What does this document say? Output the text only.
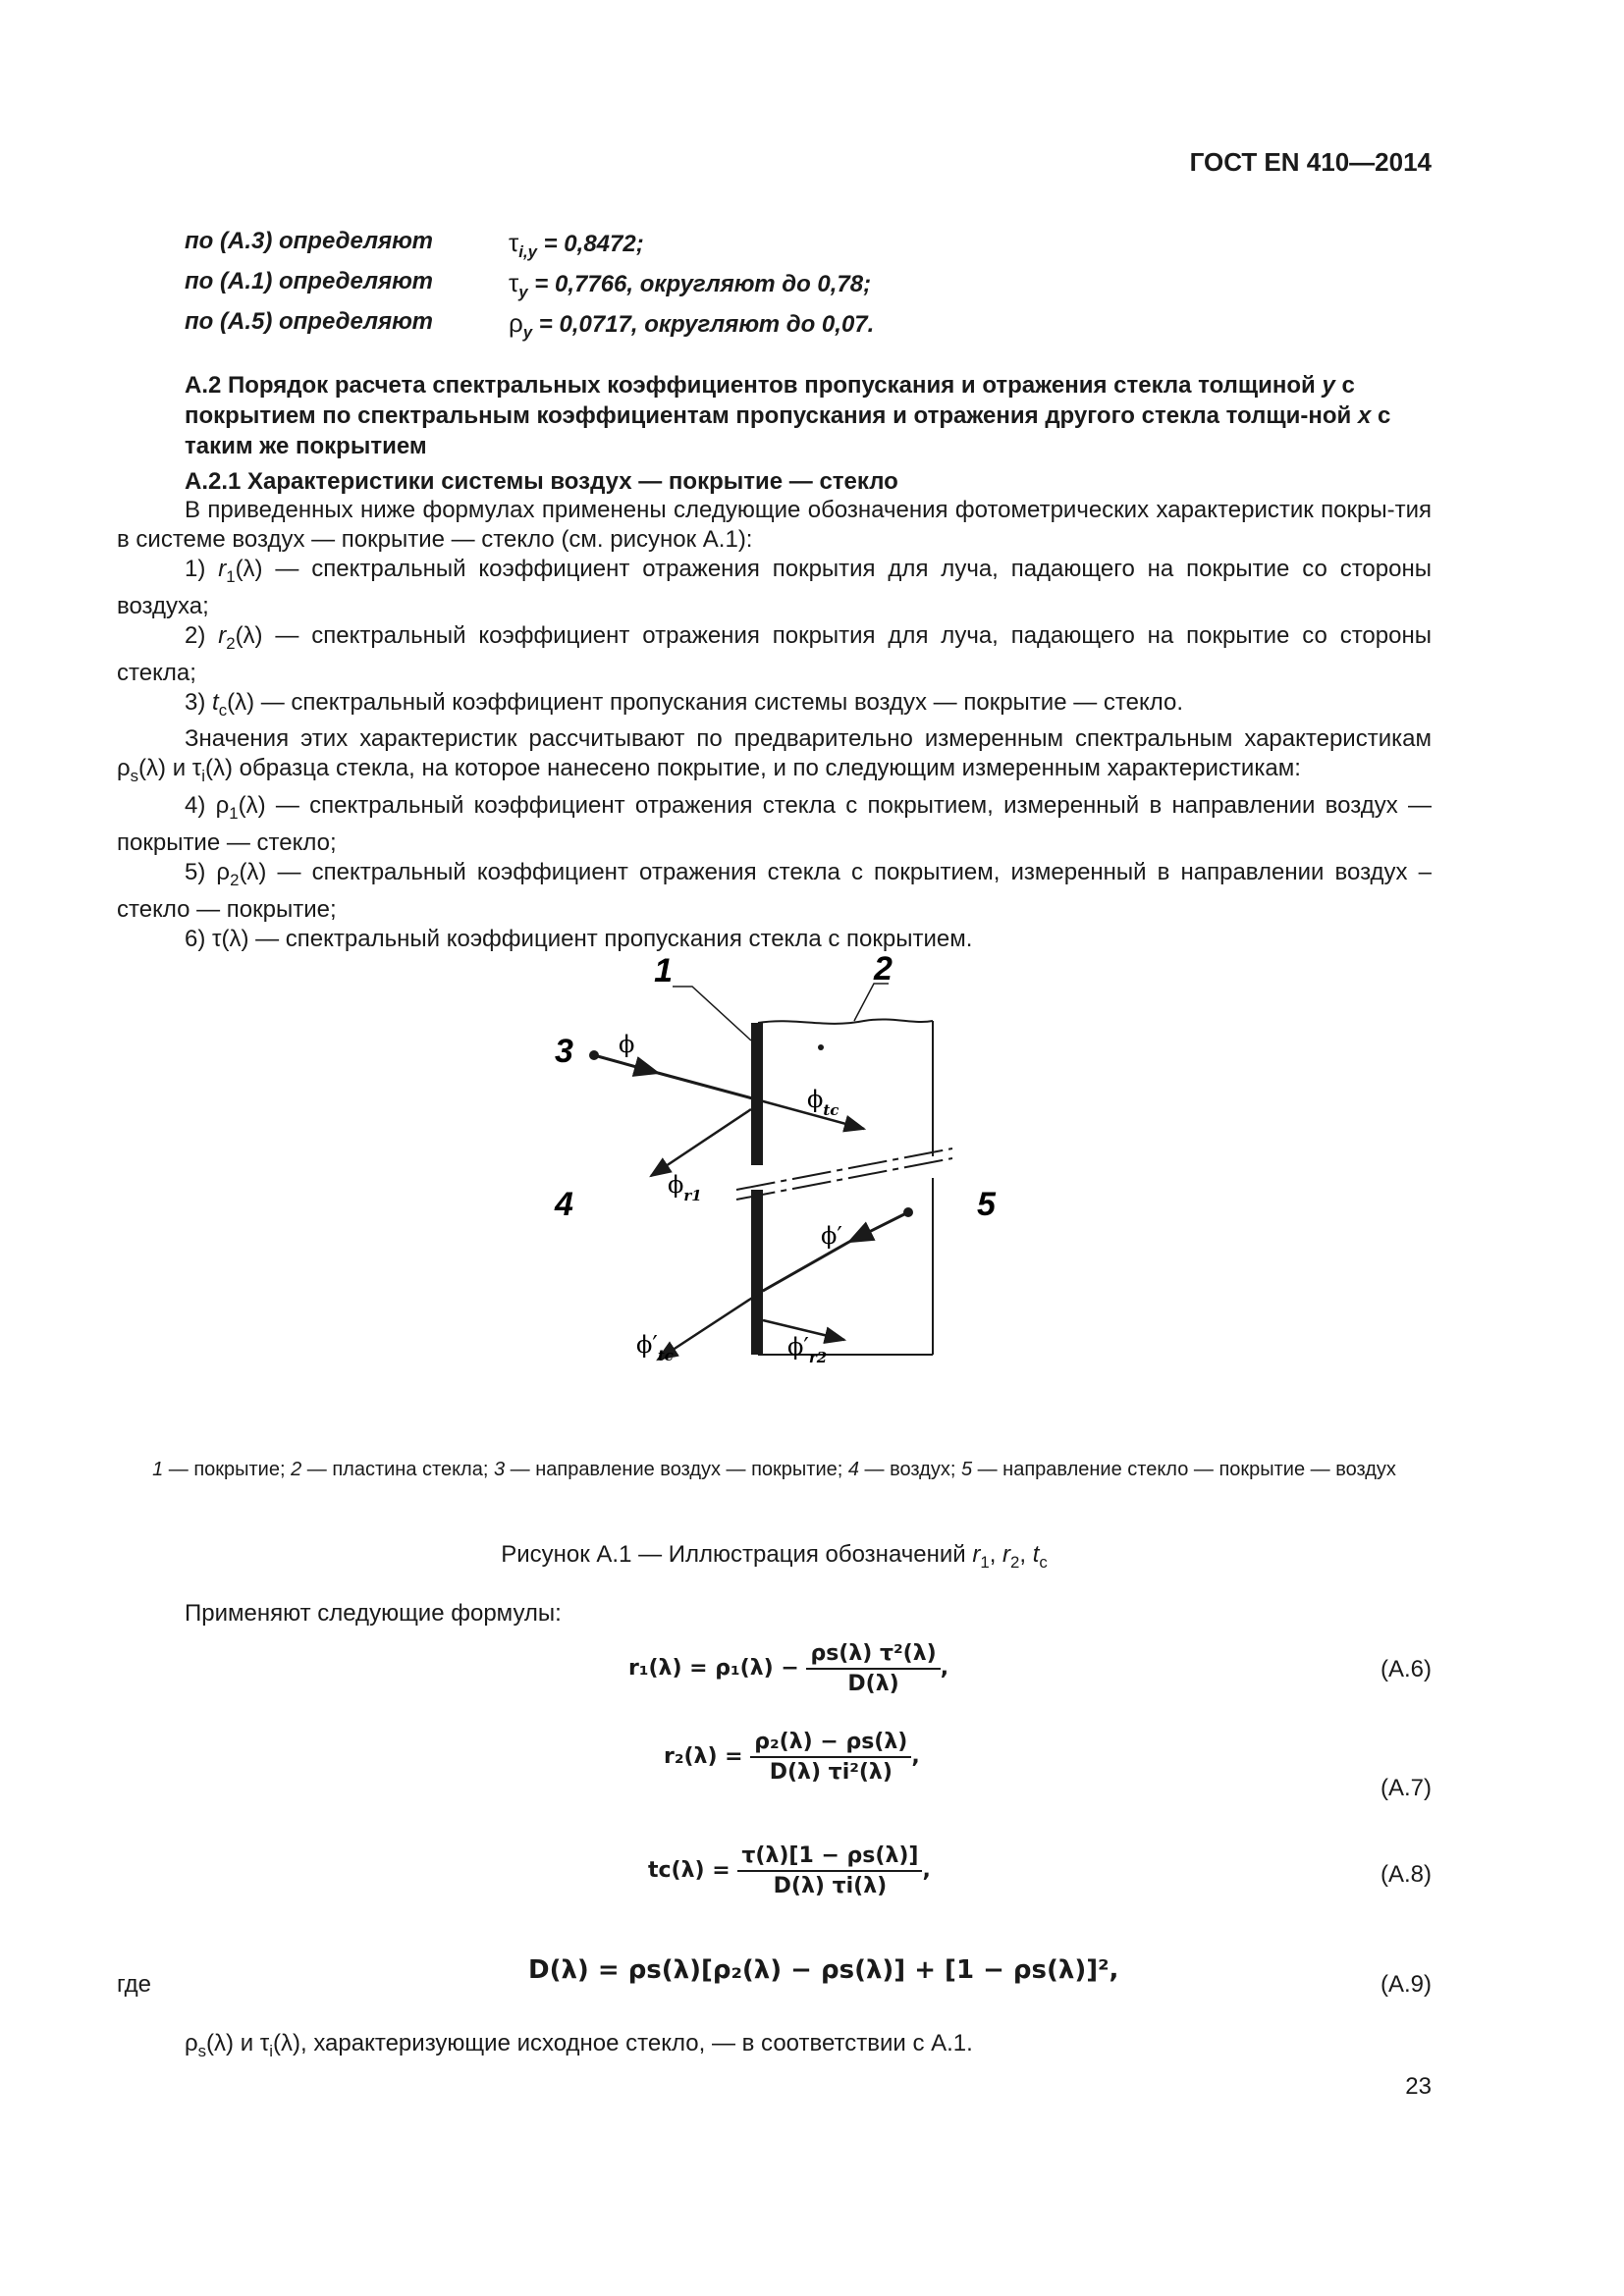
ГОСТ EN 410—2014
по (А.3) определяют	$\tau_{i,y} = 0,8472$;
по (А.1) определяют	$\tau_y = 0,7766$, округляют до 0,78;
по (А.5) определяют	$\rho_y = 0,0717$, округляют до 0,07.
А.2 Порядок расчета спектральных коэффициентов пропускания и отражения стекла толщиной y с покрытием по спектральным коэффициентам пропускания и отражения другого стекла толщи-ной x с таким же покрытием
А.2.1 Характеристики системы воздух — покрытие — стекло

В приведенных ниже формулах применены следующие обозначения фотометрических характеристик покры-тия в системе воздух — покрытие — стекло (см. рисунок А.1):

1) $r_1(\lambda)$ — спектральный коэффициент отражения покрытия для луча, падающего на покрытие со стороны воздуха;

2) $r_2(\lambda)$ — спектральный коэффициент отражения покрытия для луча, падающего на покрытие со стороны стекла;

3) $t_c(\lambda)$ — спектральный коэффициент пропускания системы воздух — покрытие — стекло.

Значения этих характеристик рассчитывают по предварительно измеренным спектральным характеристикам $\rho_s(\lambda)$ и $\tau_i(\lambda)$ образца стекла, на которое нанесено покрытие, и по следующим измеренным характеристикам:

4) $\rho_1(\lambda)$ — спектральный коэффициент отражения стекла с покрытием, измеренный в направлении воздух — покрытие — стекло;

5) $\rho_2(\lambda)$ — спектральный коэффициент отражения стекла с покрытием, измеренный в направлении воздух – стекло — покрытие;

6) τ(λ) — спектральный коэффициент пропускания стекла с покрытием.

1	2
3
4	5
ϕ
$\phi_{tc}$
$\phi_{r1}$
ϕ′
$\phi'_{tc}$	$\phi'_{r2}$
1 — покрытие; 2 — пластина стекла; 3 — направление воздух — покрытие; 4 — воздух; 5 — направление стекло — покрытие — воздух
Рисунок А.1 — Иллюстрация обозначений $r_1$, $r_2$, $t_c$
Применяют следующие формулы:
$r_1(\lambda) = \rho_1(\lambda) - \frac{\text{ρs(λ) τ²(λ)}}{D(\lambda)}$ ,	(А.6)
$r_2(\lambda) = \frac{\text{ρ₂(λ) − ρs(λ)}}{\text{D(λ) τi²(λ)}}$ ,
(А.7)
$tc(\lambda) = \frac{\tau(\lambda)[1 - \rho s(\lambda)]}{D(\lambda) \tau i(\lambda)}$ ,	(А.8)
где	D(λ) = ρs(λ)[ρ₂(λ) − ρs(λ)] + [1 − ρs(λ)]²,	(А.9)
$\rho_s(\lambda)$ и $\tau_i(\lambda)$, характеризующие исходное стекло, — в соответствии с А.1.
23
